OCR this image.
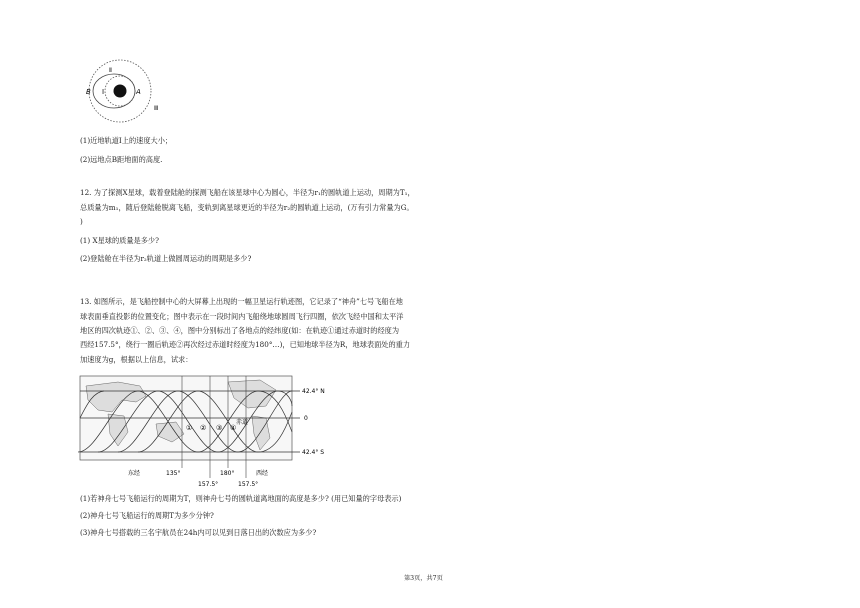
B Ⅰ
Ⅱ
A
Ⅲ
(1)近地轨道Ⅰ上的速度大小；
(2)远地点B距地面的高度.
12. 为了探测X星球，载着登陆舱的探测飞船在该星球中心为圆心，半径为r₁的圆轨道上运动，周期为T₁，
总质量为m₁，随后登陆舱脱离飞船，变轨到离星球更近的半径为r₂的圆轨道上运动，(万有引力常量为G。
)
(1) X星球的质量是多少?
(2)登陆舱在半径为r₂轨道上做圆周运动的周期是多少?
13. 如图所示，是飞船控制中心的大屏幕上出现的一幅卫星运行轨迹图，它记录了“神舟”七号飞船在地
球表面垂直投影的位置变化；图中表示在一段时间内飞船绕地球圆周飞行四圈，依次飞经中国和太平洋
地区的四次轨迹①、②、③、④，图中分别标出了各地点的经纬度(如：在轨迹①通过赤道时的经度为
西经157.5°，绕行一圈后轨迹②再次经过赤道时经度为180°…)，已知地球半径为R，地球表面处的重力
加速度为g，根据以上信息，试求：
42.4° N
0
42.4° S
赤道
① ② ③ ④
东经	135°	180°	西经
157.5°	157.5°
(1)若神舟七号飞船运行的周期为T，则神舟七号的圆轨道离地面的高度是多少? (用已知量的字母表示)
(2)神舟七号飞船运行的周期T为多少分钟?
(3)神舟七号搭载的三名宇航员在24h内可以见到日落日出的次数应为多少?
第3页，共7页
